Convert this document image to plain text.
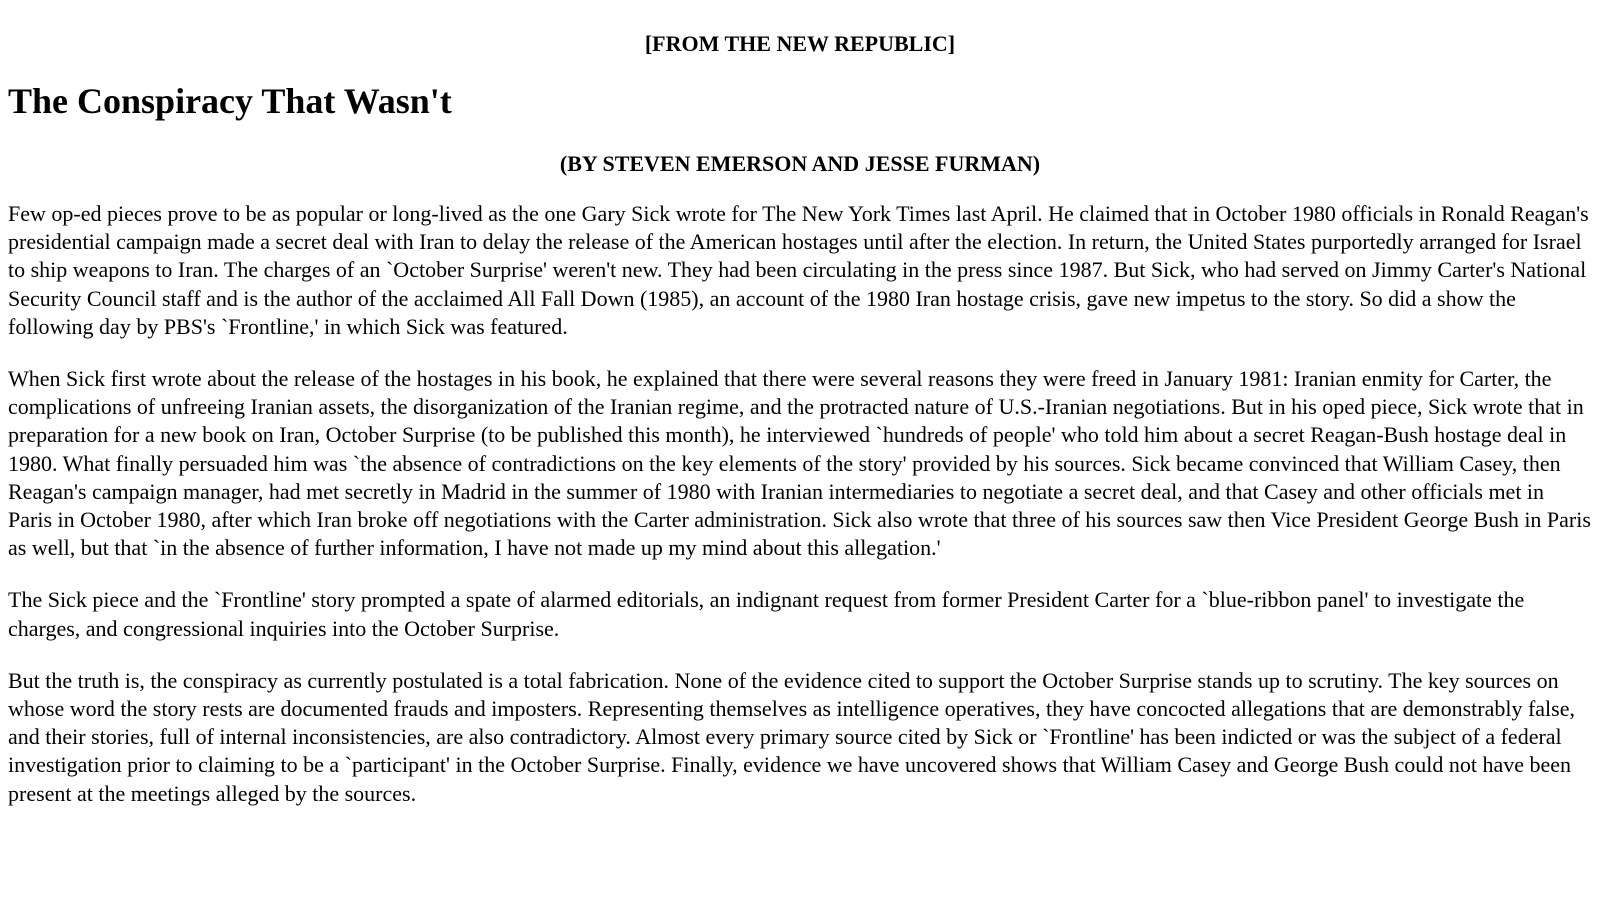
[FROM THE NEW REPUBLIC]
The Conspiracy That Wasn't
(BY STEVEN EMERSON AND JESSE FURMAN)

Few op-ed pieces prove to be as popular or long-lived as the one Gary Sick wrote for The New York Times last April. He claimed that in October 1980 officials in Ronald Reagan's presidential campaign made a secret deal with Iran to delay the release of the American hostages until after the election. In return, the United States purportedly arranged for Israel to ship weapons to Iran. The charges of an `October Surprise' weren't new. They had been circulating in the press since 1987. But Sick, who had served on Jimmy Carter's National Security Council staff and is the author of the acclaimed All Fall Down (1985), an account of the 1980 Iran hostage crisis, gave new impetus to the story. So did a show the following day by PBS's `Frontline,' in which Sick was featured.

When Sick first wrote about the release of the hostages in his book, he explained that there were several reasons they were freed in January 1981: Iranian enmity for Carter, the complications of unfreeing Iranian assets, the disorganization of the Iranian regime, and the protracted nature of U.S.-Iranian negotiations. But in his oped piece, Sick wrote that in preparation for a new book on Iran, October Surprise (to be published this month), he interviewed `hundreds of people' who told him about a secret Reagan-Bush hostage deal in 1980. What finally persuaded him was `the absence of contradictions on the key elements of the story' provided by his sources. Sick became convinced that William Casey, then Reagan's campaign manager, had met secretly in Madrid in the summer of 1980 with Iranian intermediaries to negotiate a secret deal, and that Casey and other officials met in Paris in October 1980, after which Iran broke off negotiations with the Carter administration. Sick also wrote that three of his sources saw then Vice President George Bush in Paris as well, but that `in the absence of further information, I have not made up my mind about this allegation.'

The Sick piece and the `Frontline' story prompted a spate of alarmed editorials, an indignant request from former President Carter for a `blue-ribbon panel' to investigate the charges, and congressional inquiries into the October Surprise.

But the truth is, the conspiracy as currently postulated is a total fabrication. None of the evidence cited to support the October Surprise stands up to scrutiny. The key sources on whose word the story rests are documented frauds and imposters. Representing themselves as intelligence operatives, they have concocted allegations that are demonstrably false, and their stories, full of internal inconsistencies, are also contradictory. Almost every primary source cited by Sick or `Frontline' has been indicted or was the subject of a federal investigation prior to claiming to be a `participant' in the October Surprise. Finally, evidence we have uncovered shows that William Casey and George Bush could not have been present at the meetings alleged by the sources.
